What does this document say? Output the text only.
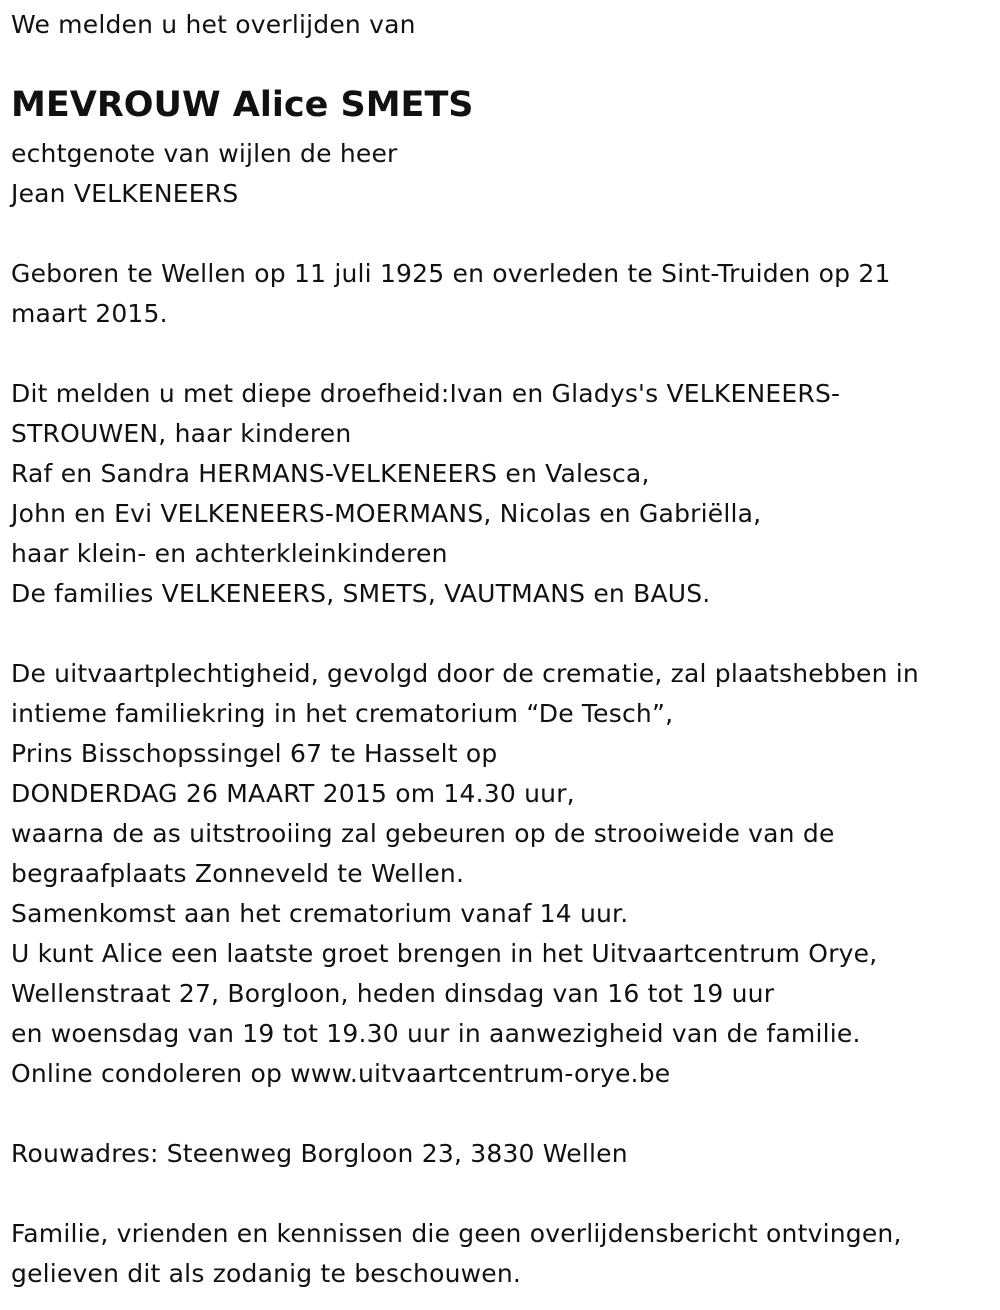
We melden u het overlijden van
MEVROUW Alice SMETS
echtgenote van wijlen de heer
Jean VELKENEERS
Geboren te Wellen op 11 juli 1925 en overleden te Sint-Truiden op 21
maart 2015.
Dit melden u met diepe droefheid:Ivan en Gladys's VELKENEERS-
STROUWEN, haar kinderen
Raf en Sandra HERMANS-VELKENEERS en Valesca,
John en Evi VELKENEERS-MOERMANS, Nicolas en Gabriëlla,
haar klein- en achterkleinkinderen
De families VELKENEERS, SMETS, VAUTMANS en BAUS.
De uitvaartplechtigheid, gevolgd door de crematie, zal plaatshebben in
intieme familiekring in het crematorium “De Tesch”,
Prins Bisschopssingel 67 te Hasselt op
DONDERDAG 26 MAART 2015 om 14.30 uur,
waarna de as uitstrooiing zal gebeuren op de strooiweide van de
begraafplaats Zonneveld te Wellen.
Samenkomst aan het crematorium vanaf 14 uur.
U kunt Alice een laatste groet brengen in het Uitvaartcentrum Orye,
Wellenstraat 27, Borgloon, heden dinsdag van 16 tot 19 uur
en woensdag van 19 tot 19.30 uur in aanwezigheid van de familie.
Online condoleren op www.uitvaartcentrum-orye.be
Rouwadres: Steenweg Borgloon 23, 3830 Wellen
Familie, vrienden en kennissen die geen overlijdensbericht ontvingen,
gelieven dit als zodanig te beschouwen.
